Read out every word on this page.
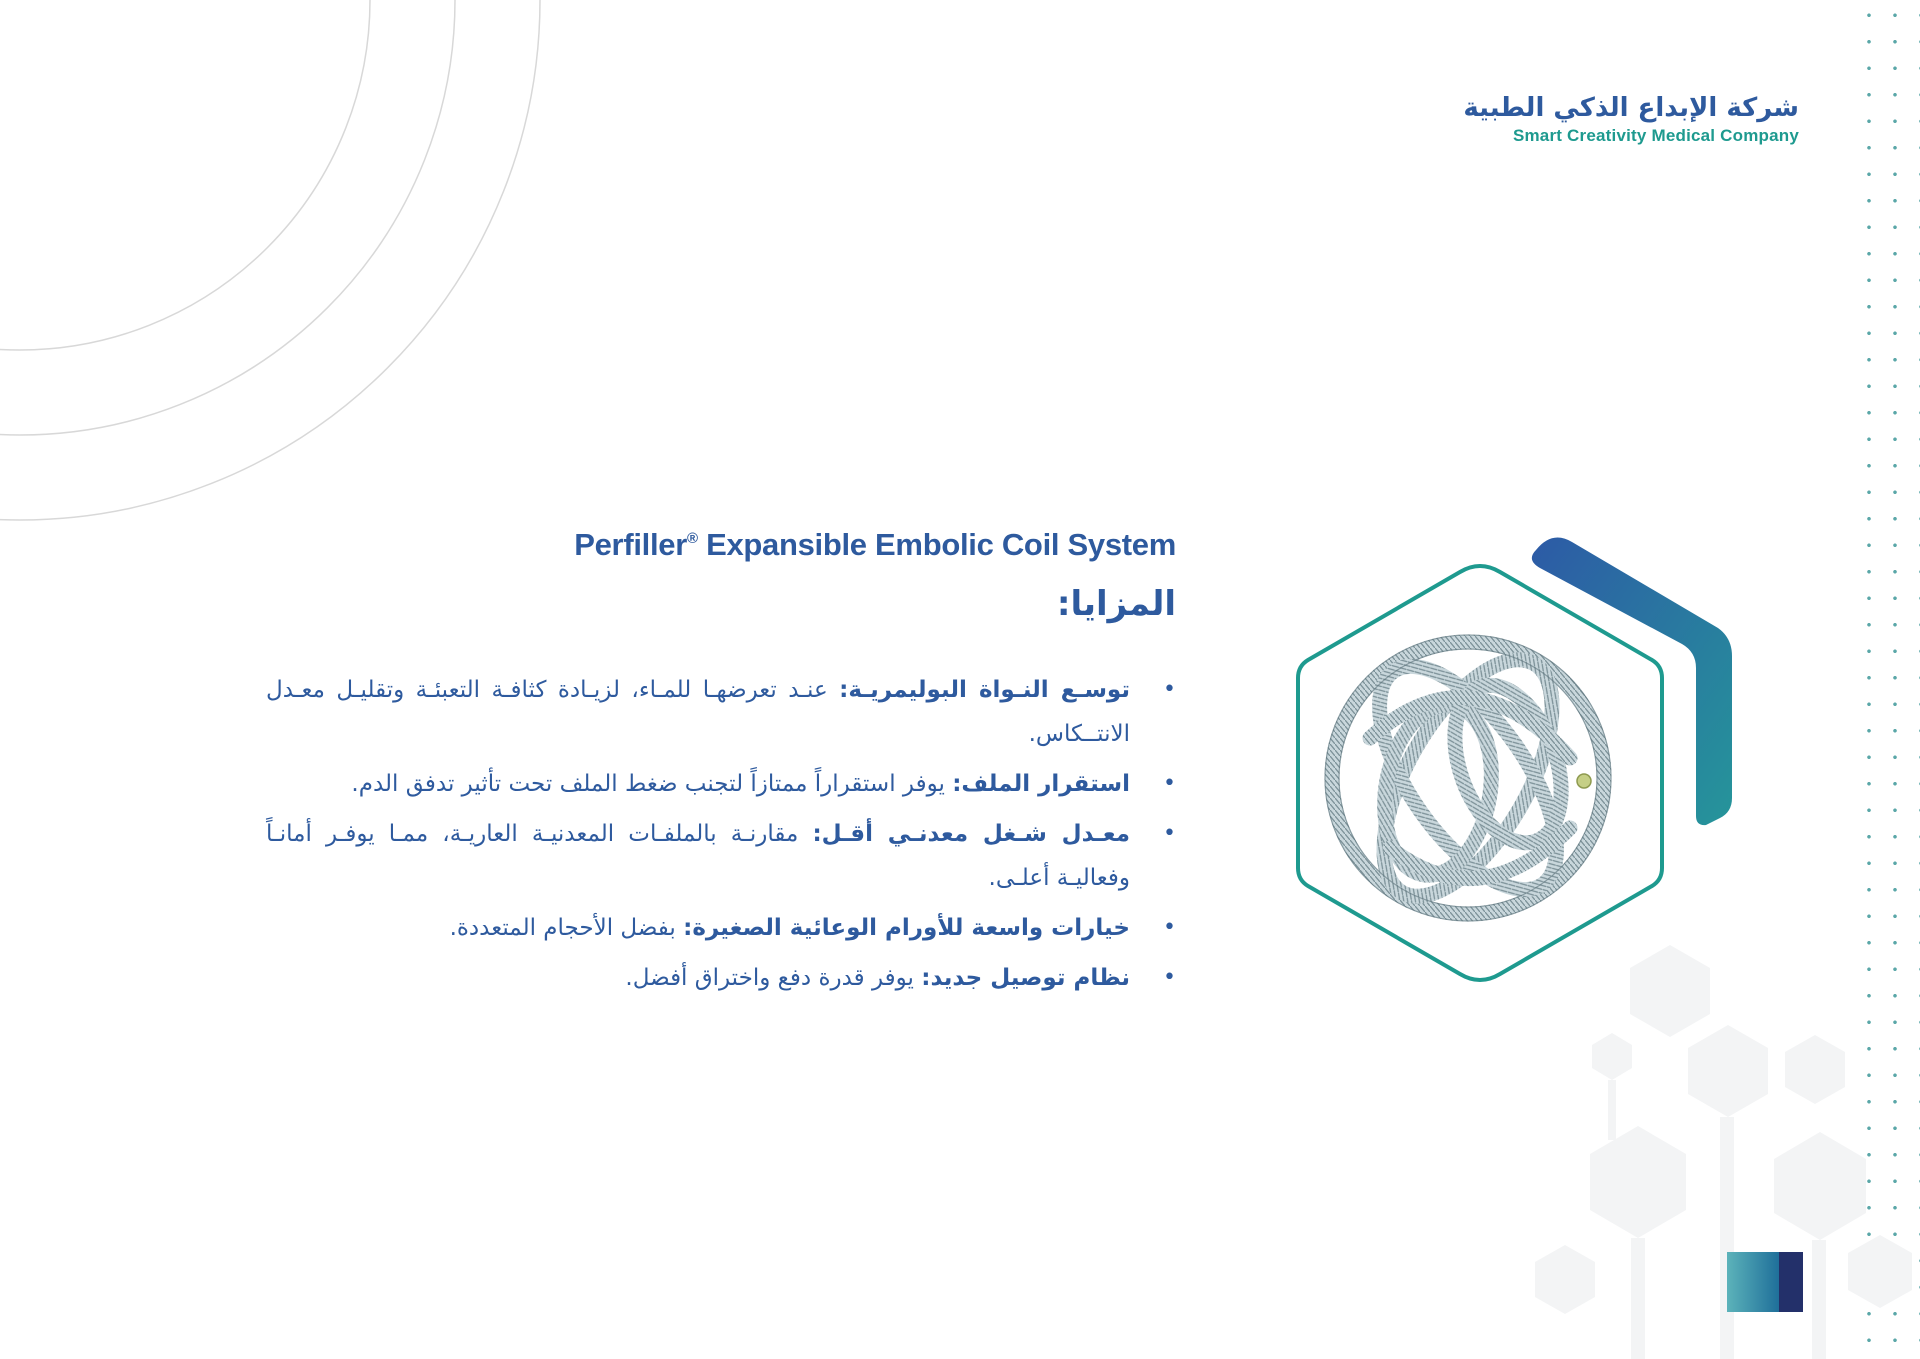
شركة الإبداع الذكي الطبية
Smart Creativity Medical Company
Perfiller® Expansible Embolic Coil System
المزايا:
• توسـع النـواة البوليمريـة: عنـد تعرضهـا للمـاء، لزيـادة كثافـة التعبئـة وتقليـل معـدل الانتــكاس.
• استقرار الملف: يوفر استقراراً ممتازاً لتجنب ضغط الملف تحت تأثير تدفق الدم.
• معـدل شـغل معدنـي أقـل: مقارنـة بالملفـات المعدنيـة العاريـة، ممـا يوفـر أمانـاً وفعاليـة أعلـى.
• خيارات واسعة للأورام الوعائية الصغيرة: بفضل الأحجام المتعددة.
• نظام توصيل جديد: يوفر قدرة دفع واختراق أفضل.
